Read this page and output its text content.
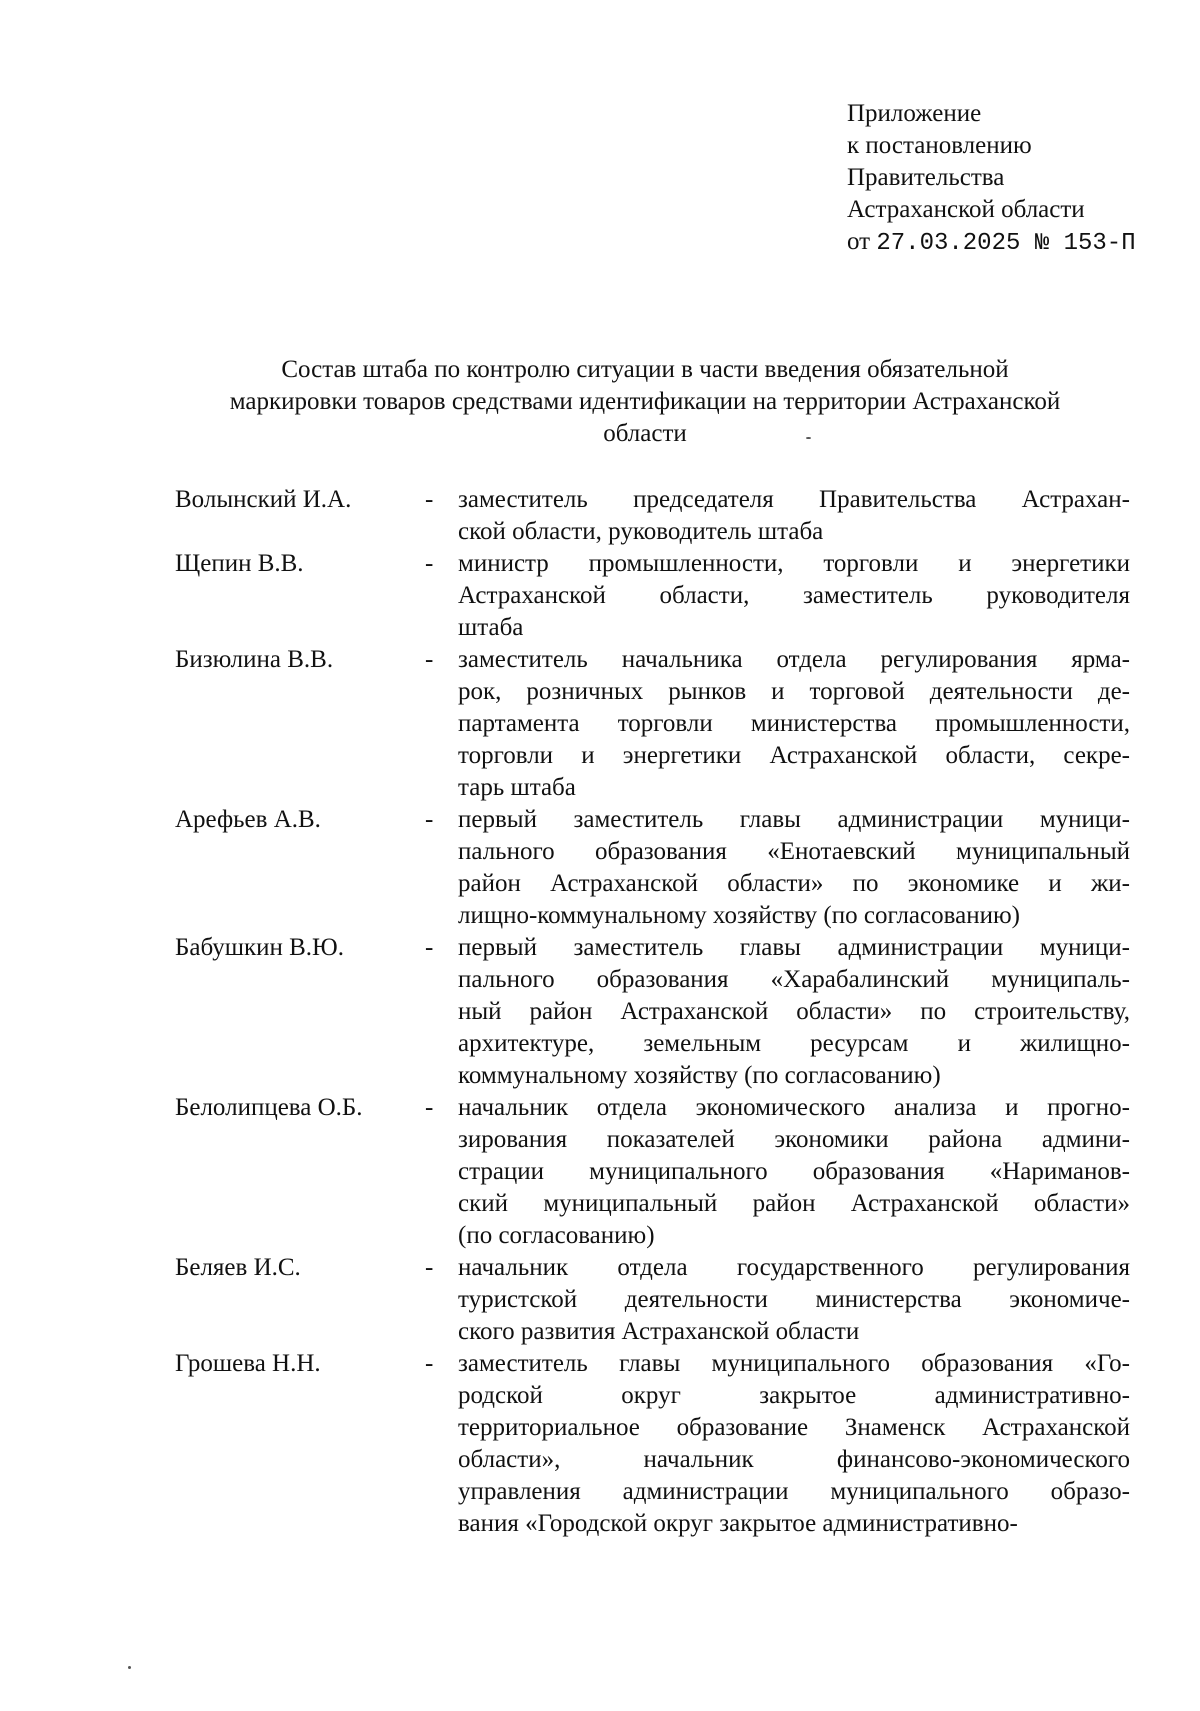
Приложение
к постановлению
Правительства
Астраханской области
от 27.03.2025 № 153-П
Состав штаба по контролю ситуации в части введения обязательной
маркировки товаров средствами идентификации на территории Астраханской
области
Волынский И.А.	- заместитель председателя Правительства Астрахан-
ской области, руководитель штаба
Щепин В.В.	- министр промышленности, торговли и энергетики
Астраханской области, заместитель руководителя
штаба
Бизюлина В.В.	- заместитель начальника отдела регулирования ярма-
рок, розничных рынков и торговой деятельности де-
партамента торговли министерства промышленности,
торговли и энергетики Астраханской области, секре-
тарь штаба
Арефьев А.В.	- первый заместитель главы администрации муници-
пального образования «Енотаевский муниципальный
район Астраханской области» по экономике и жи-
лищно-коммунальному хозяйству (по согласованию)
Бабушкин В.Ю.	- первый заместитель главы администрации муници-
пального образования «Харабалинский муниципаль-
ный район Астраханской области» по строительству,
архитектуре, земельным ресурсам и жилищно-
коммунальному хозяйству (по согласованию)
Белолипцева О.Б.	- начальник отдела экономического анализа и прогно-
зирования показателей экономики района админи-
страции муниципального образования «Нариманов-
ский муниципальный район Астраханской области»
(по согласованию)
Беляев И.С.	- начальник отдела государственного регулирования
туристской деятельности министерства экономиче-
ского развития Астраханской области
Грошева Н.Н.	- заместитель главы муниципального образования «Го-
родской округ закрытое административно-
территориальное образование Знаменск Астраханской
области», начальник финансово-экономического
управления администрации муниципального образо-
вания «Городской округ закрытое административно-
